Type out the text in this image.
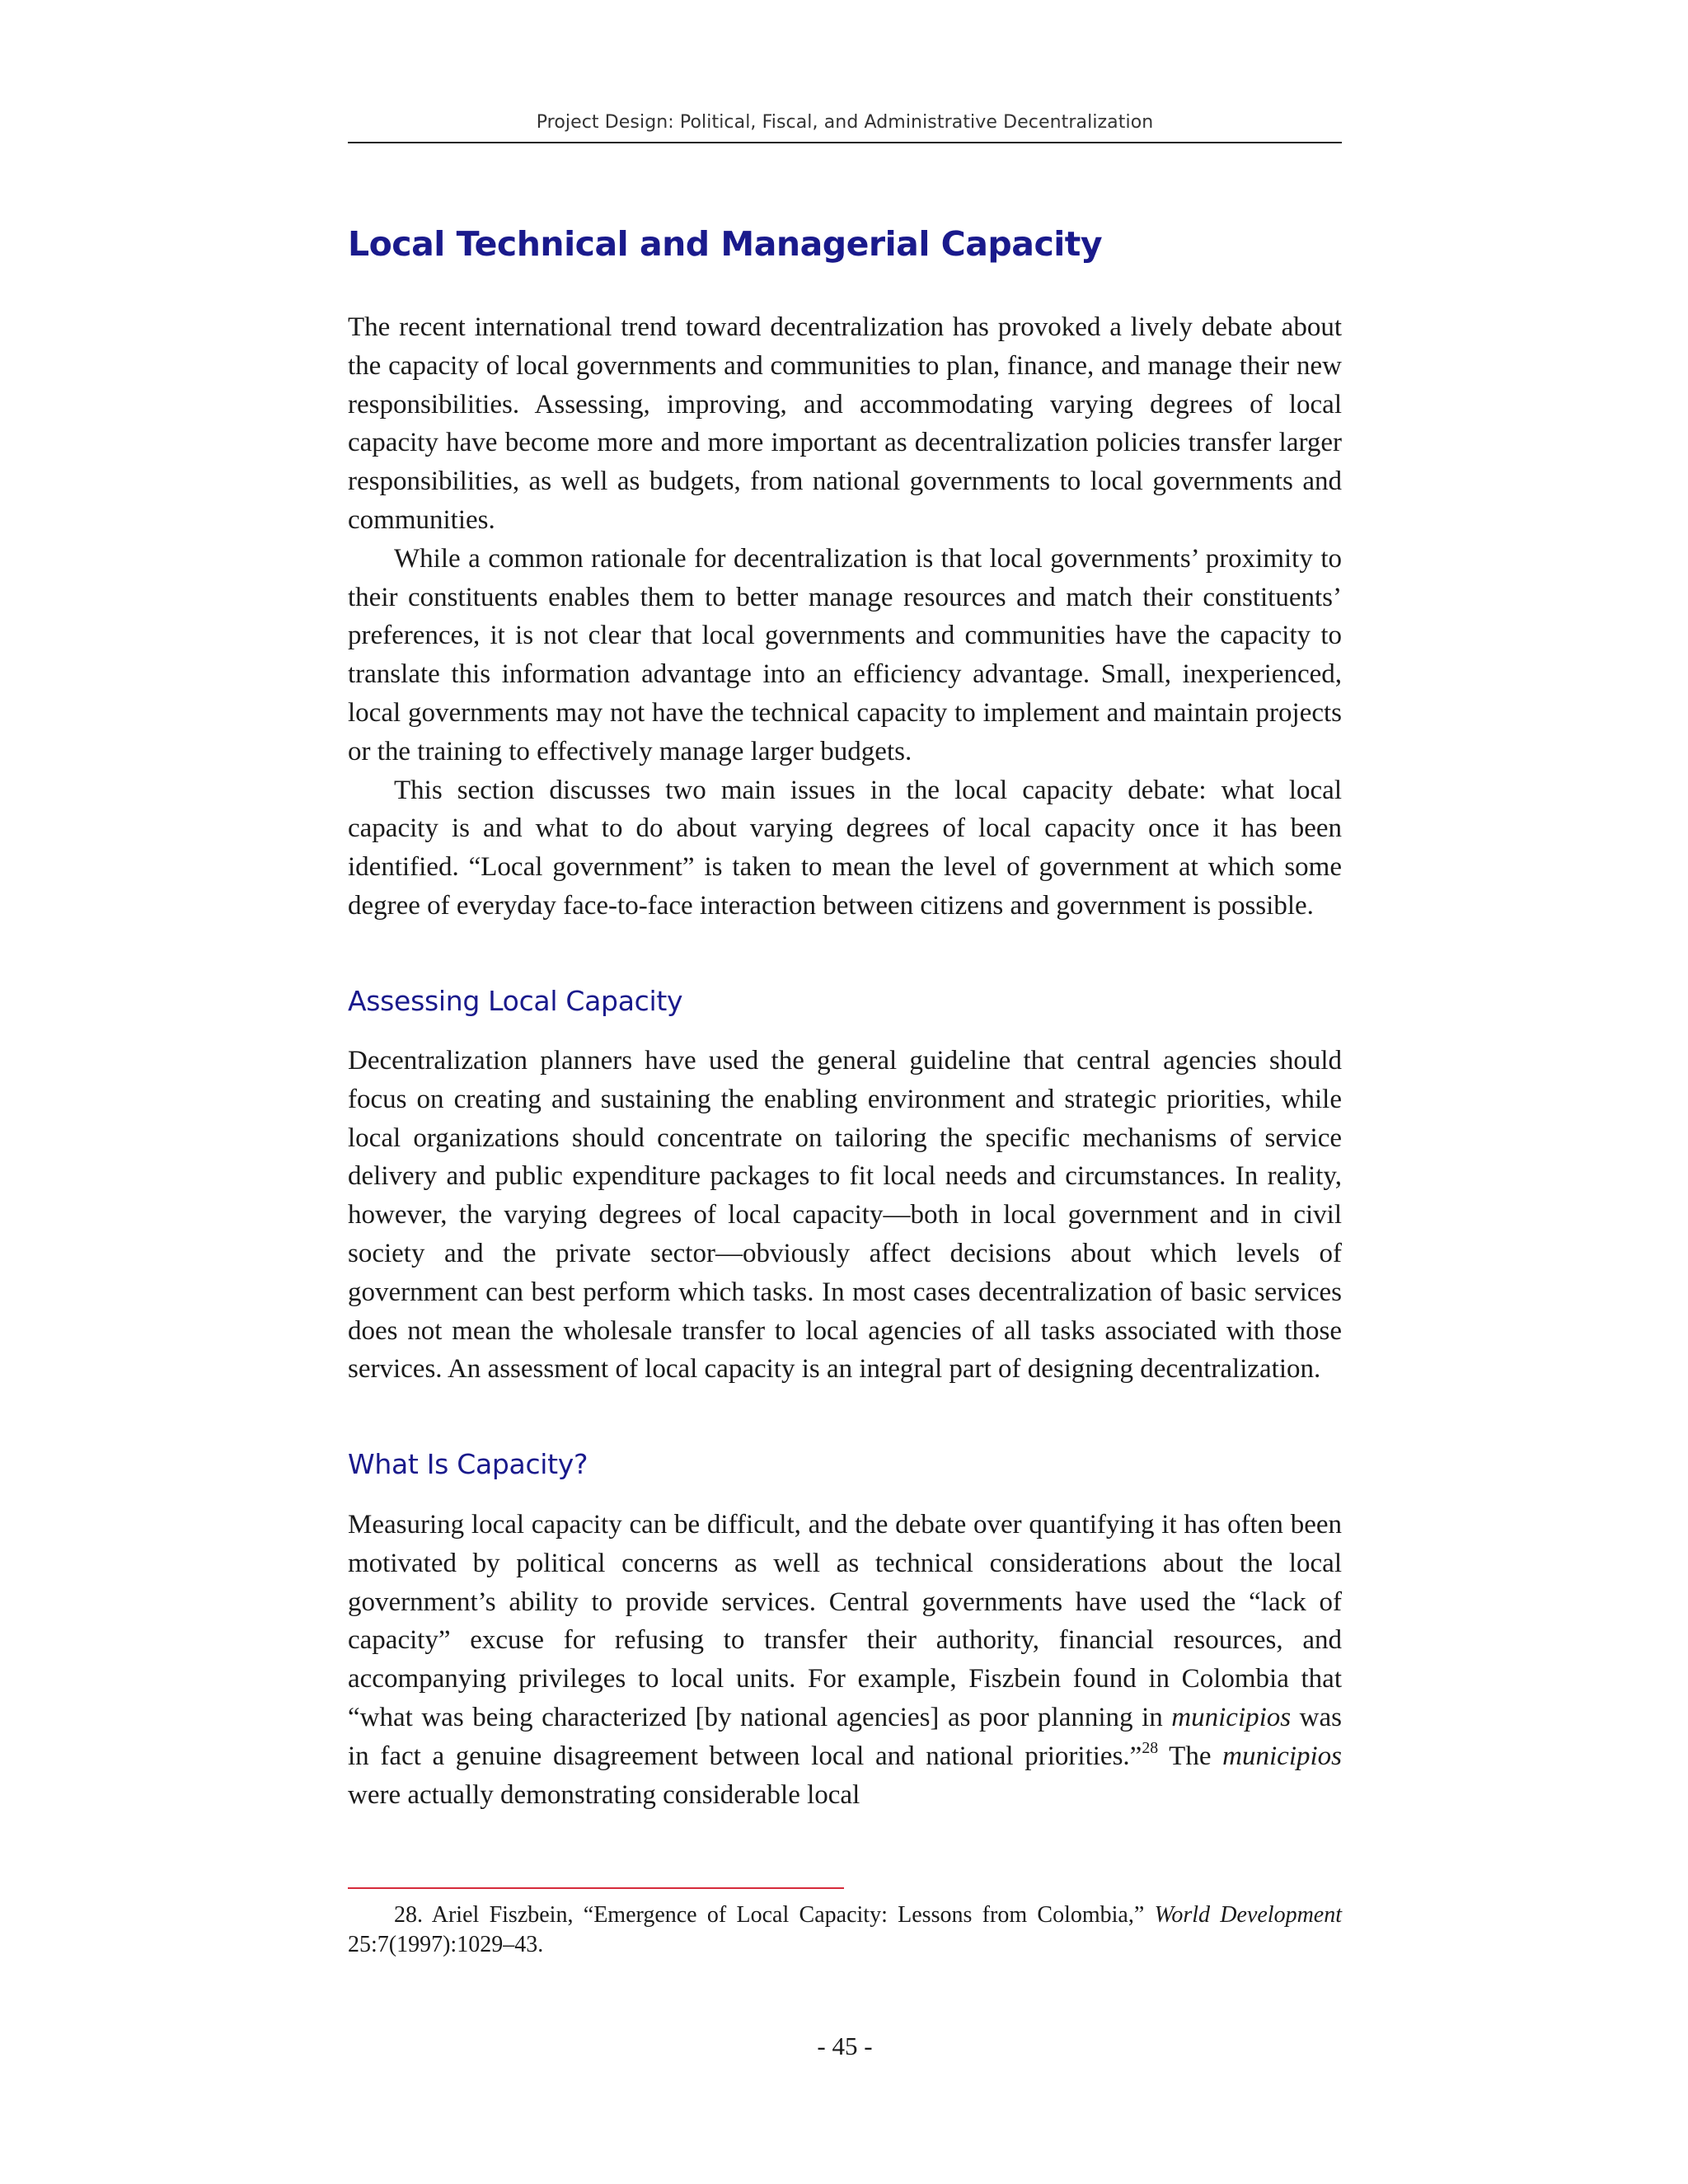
Project Design: Political, Fiscal, and Administrative Decentralization
Local Technical and Managerial Capacity

The recent international trend toward decentralization has provoked a lively debate about the capacity of local governments and communities to plan, finance, and manage their new responsibilities. Assessing, improving, and accommodating varying degrees of local capacity have become more and more important as decentralization policies transfer larger responsibilities, as well as budgets, from national governments to local governments and communities.

While a common rationale for decentralization is that local governments’ proximity to their constituents enables them to better manage resources and match their constituents’ preferences, it is not clear that local governments and communities have the capacity to translate this information advantage into an efficiency advantage. Small, inexperienced, local governments may not have the technical capacity to implement and maintain projects or the training to effectively manage larger budgets.

This section discusses two main issues in the local capacity debate: what local capacity is and what to do about varying degrees of local capacity once it has been identified. “Local government” is taken to mean the level of government at which some degree of everyday face-to-face interaction between citizens and government is possible.

Assessing Local Capacity

Decentralization planners have used the general guideline that central agencies should focus on creating and sustaining the enabling environment and strategic priorities, while local organizations should concentrate on tailoring the specific mechanisms of service delivery and public expenditure packages to fit local needs and circumstances. In reality, however, the varying degrees of local capacity—both in local government and in civil society and the private sector—obviously affect decisions about which levels of government can best perform which tasks. In most cases decentralization of basic services does not mean the wholesale transfer to local agencies of all tasks associated with those services. An assessment of local capacity is an integral part of designing decentralization.

What Is Capacity?

Measuring local capacity can be difficult, and the debate over quantifying it has often been motivated by political concerns as well as technical considerations about the local government’s ability to provide services. Central governments have used the “lack of capacity” excuse for refusing to transfer their authority, financial resources, and accompanying privileges to local units. For example, Fiszbein found in Colombia that “what was being characterized [by national agencies] as poor planning in municipios was in fact a genuine disagreement between local and national priorities.”$^{28}$ The municipios were actually demonstrating considerable local

28. Ariel Fiszbein, “Emergence of Local Capacity: Lessons from Colombia,” World Development 25:7(1997):1029–43.

- 45 -
